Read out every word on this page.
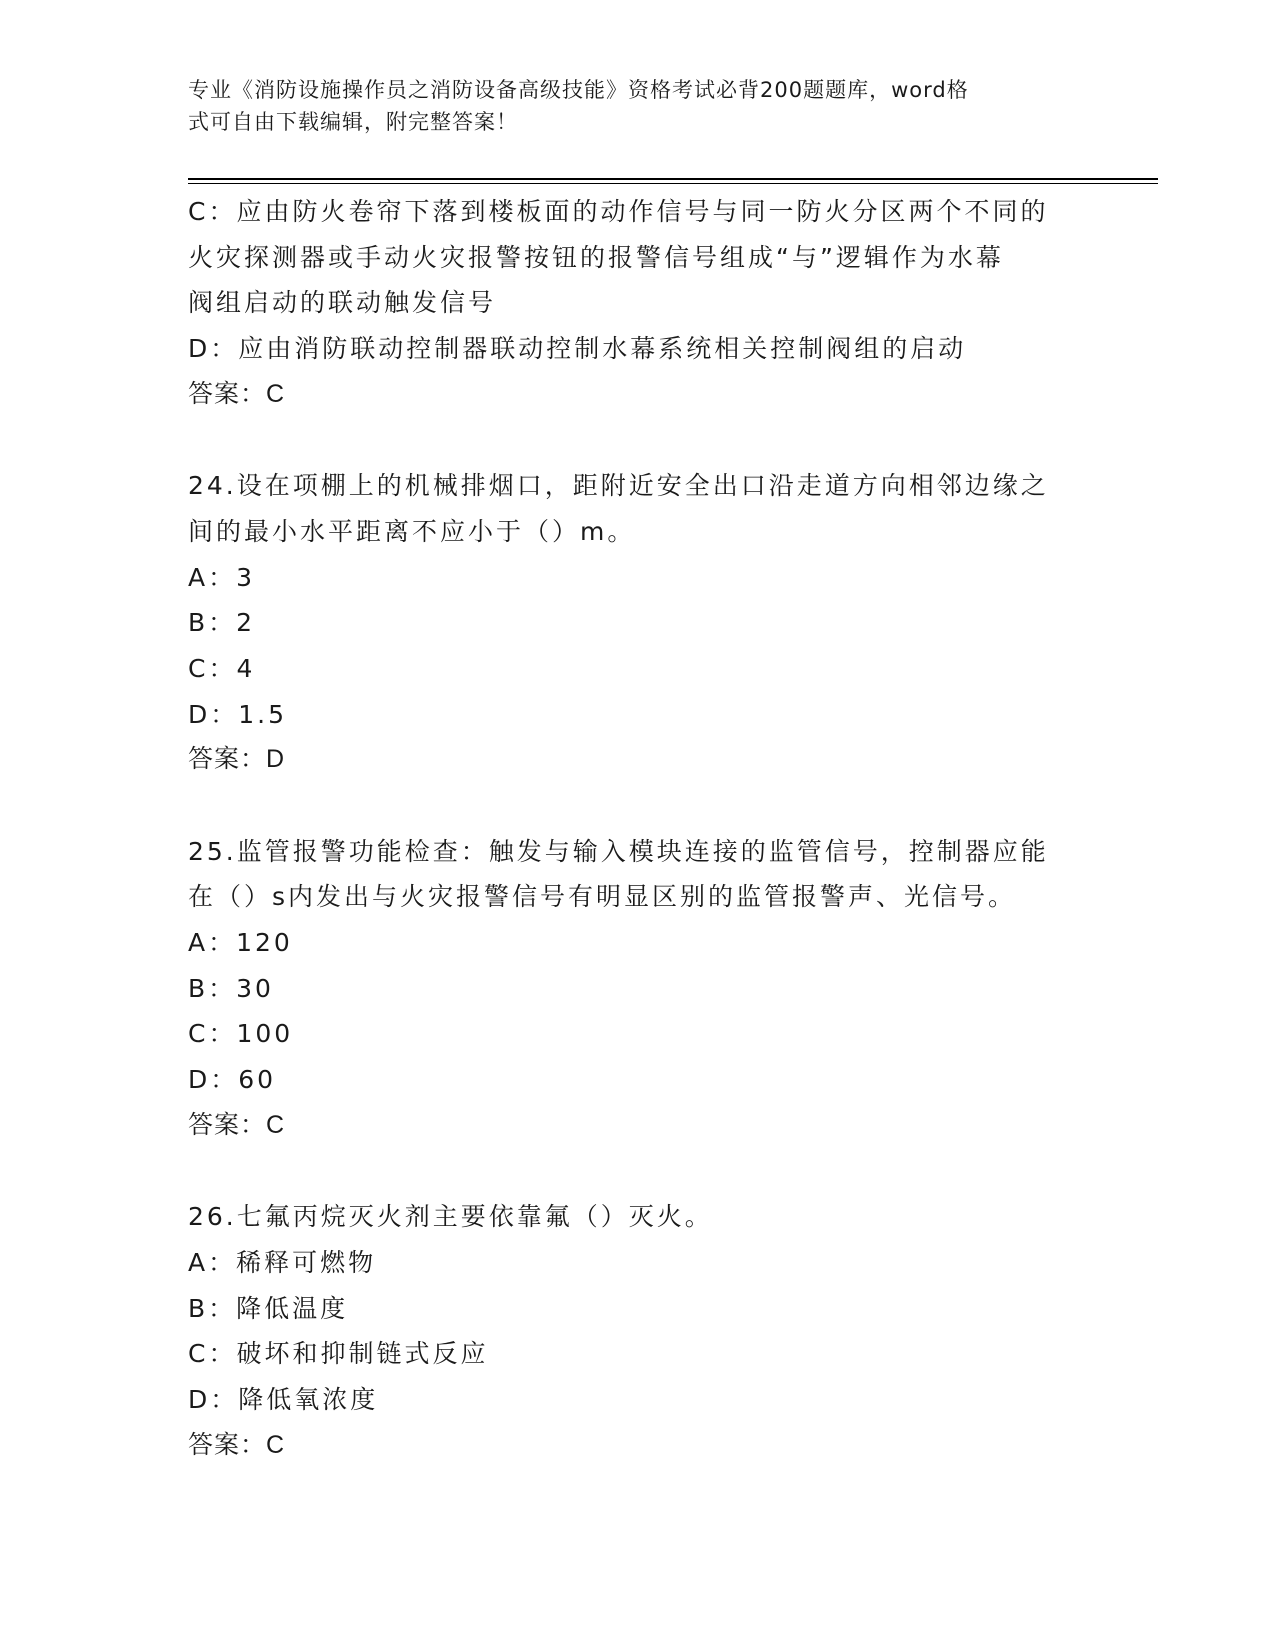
专业《消防设施操作员之消防设备高级技能》资格考试必背200题题库，word格
式可自由下载编辑，附完整答案！
C：应由防火卷帘下落到楼板面的动作信号与同一防火分区两个不同的
火灾探测器或手动火灾报警按钮的报警信号组成“与”逻辑作为水幕
阀组启动的联动触发信号
D：应由消防联动控制器联动控制水幕系统相关控制阀组的启动
答案：C
24.设在项棚上的机械排烟口，距附近安全出口沿走道方向相邻边缘之
间的最小水平距离不应小于（）m。
A：3
B：2
C：4
D：1.5
答案：D
25.监管报警功能检查：触发与输入模块连接的监管信号，控制器应能
在（）s内发出与火灾报警信号有明显区别的监管报警声、光信号。
A：120
B：30
C：100
D：60
答案：C
26.七氟丙烷灭火剂主要依靠氟（）灭火。
A：稀释可燃物
B：降低温度
C：破坏和抑制链式反应
D：降低氧浓度
答案：C
